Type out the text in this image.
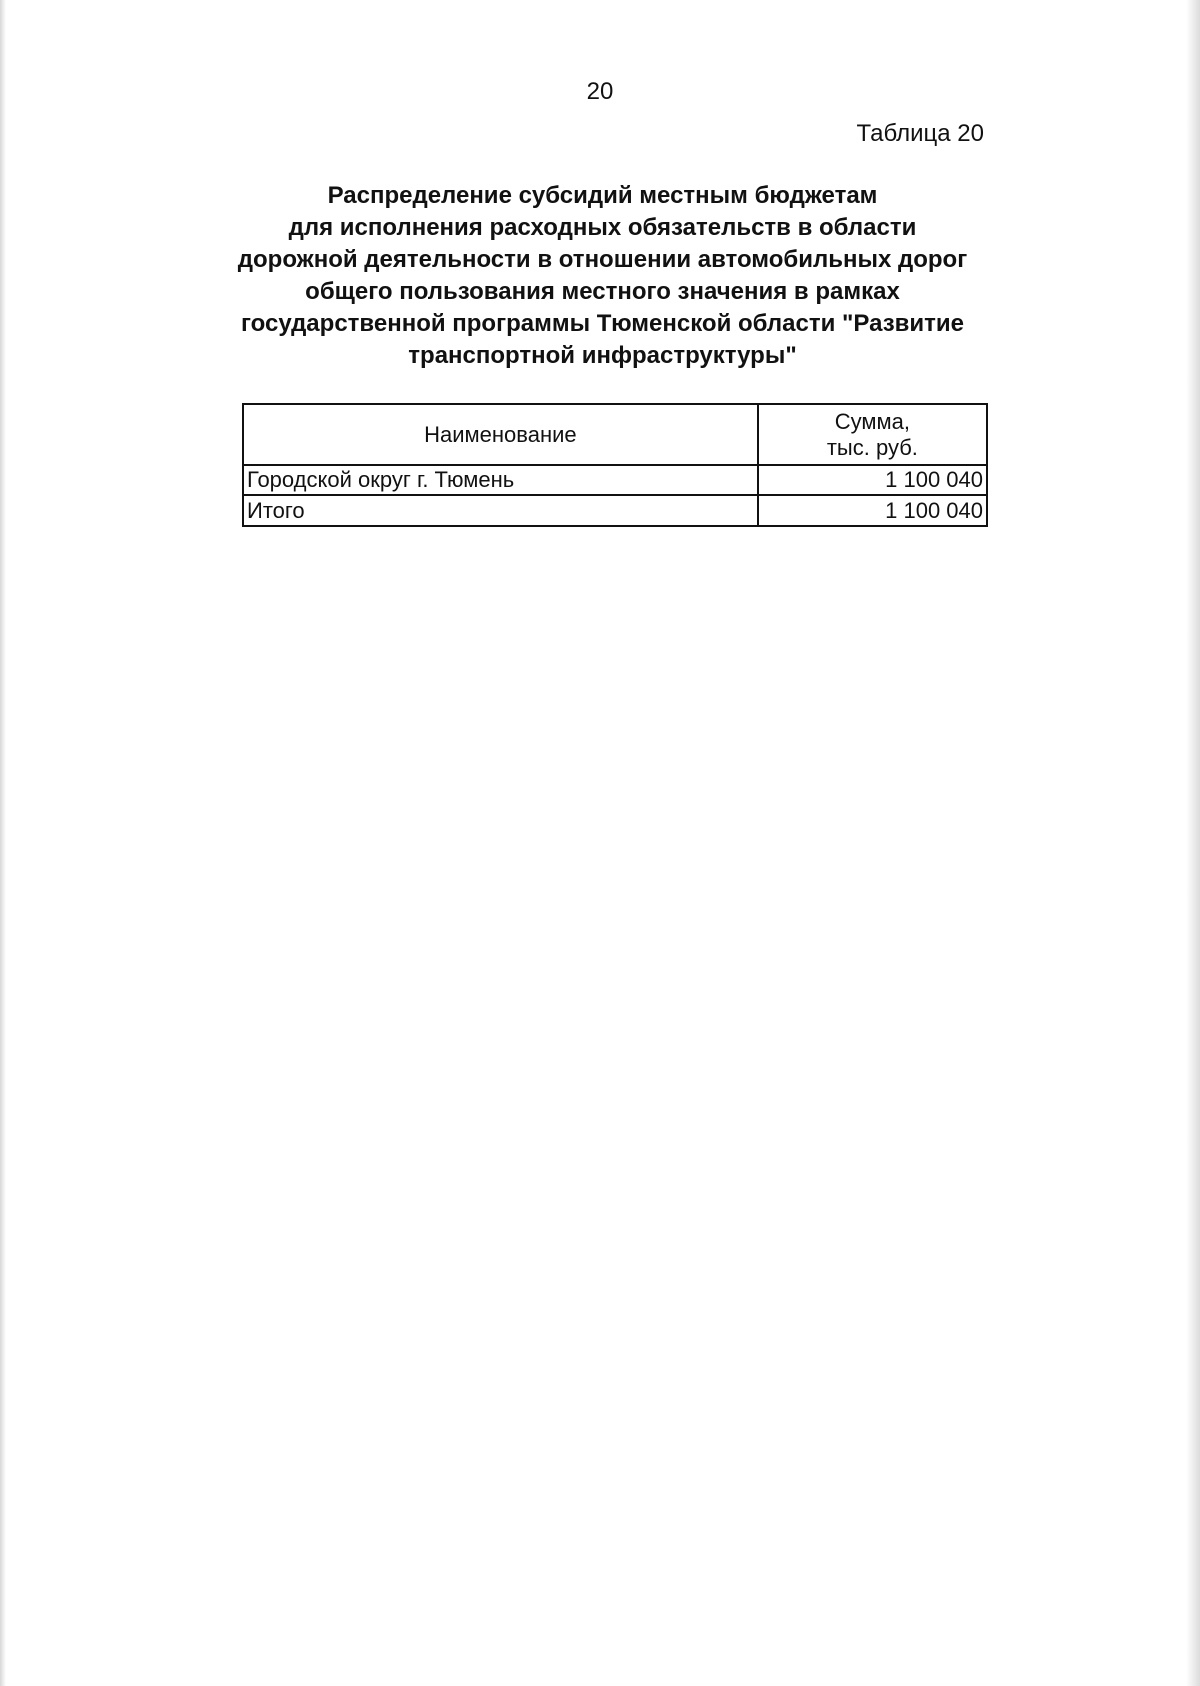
20
Таблица 20
Распределение субсидий местным бюджетам
для исполнения расходных обязательств в области
дорожной деятельности в отношении автомобильных дорог
общего пользования местного значения в рамках
государственной программы Тюменской области "Развитие
транспортной инфраструктуры"
Наименование	Сумма,
тыс. руб.

Городской округ г. Тюмень	1 100 040
Итого	1 100 040
